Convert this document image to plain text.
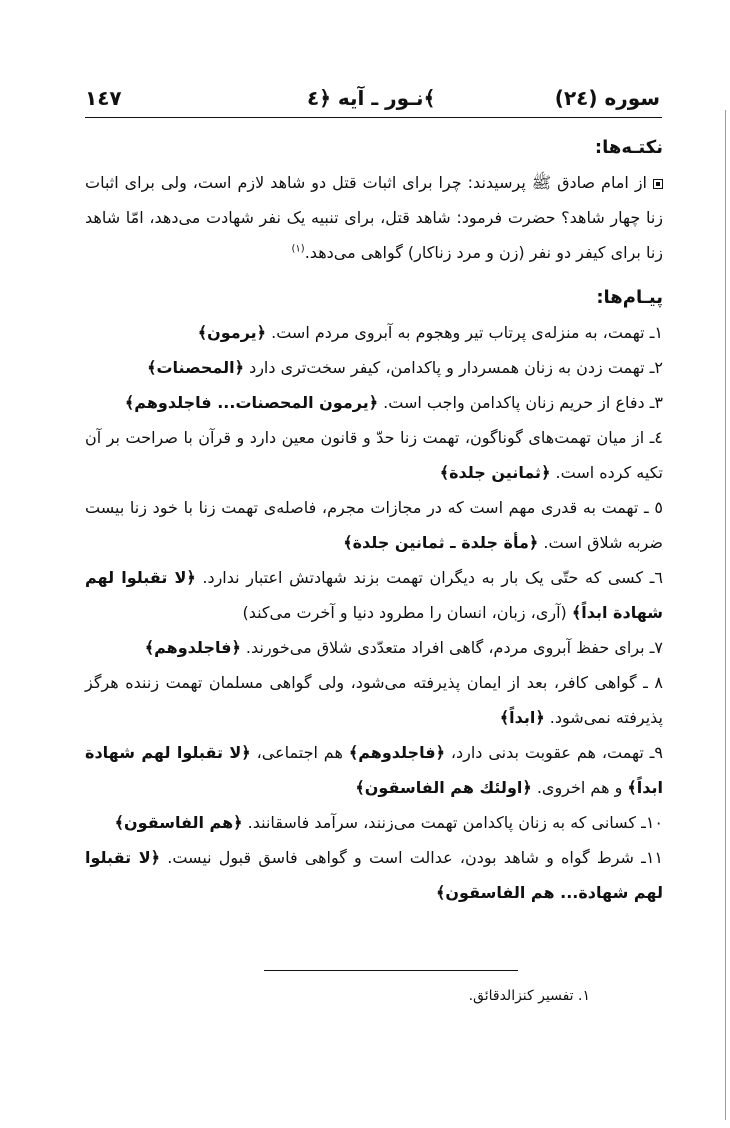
سوره (٢٤)
نـور ـ آیه ﴿٤﴾
١٤٧

نکتـه‌ها:

از امام صادق ﷺ پرسیدند: چرا برای اثبات قتل دو شاهد لازم است، ولی برای اثبات زنا چهار شاهد؟ حضرت فرمود: شاهد قتل، برای تنبیه یک نفر شهادت می‌دهد، امّا شاهد زنا برای کیفر دو نفر (زن و مرد زناکار) گواهی می‌دهد.$^{(١)}$

پیـام‌ها:

١ـ تهمت، به منزله‌ی پرتاب تیر وهجوم به آبروی مردم است. ﴿یرمون﴾

٢ـ تهمت زدن به زنان همسردار و پاکدامن، کیفر سخت‌تری دارد ﴿المحصنات﴾

٣ـ دفاع از حریم زنان پاکدامن واجب است. ﴿یرمون المحصنات... فاجلدوهم﴾

٤ـ از میان تهمت‌های گوناگون، تهمت زنا حدّ و قانون معین دارد و قرآن با صراحت بر آن تکیه کرده است. ﴿ثمانین جلدة﴾

٥ ـ تهمت به قدری مهم است که در مجازات مجرم، فاصله‌ی تهمت زنا با خود زنا بیست ضربه شلاق است. ﴿مأة جلدة ـ ثمانین جلدة﴾

٦ـ کسی که حتّی یک بار به دیگران تهمت بزند شهادتش اعتبار ندارد. ﴿لا تقبلوا لهم شهادة ابداً﴾ (آری، زبان، انسان را مطرود دنیا و آخرت می‌کند)

٧ـ برای حفظ آبروی مردم، گاهی افراد متعدّدی شلاق می‌خورند. ﴿فاجلدوهم﴾

٨ ـ گواهی کافر، بعد از ایمان پذیرفته می‌شود، ولی گواهی مسلمان تهمت زننده هرگز پذیرفته نمی‌شود. ﴿ابداً﴾

٩ـ تهمت، هم عقوبت بدنی دارد، ﴿فاجلدوهم﴾ هم اجتماعی، ﴿لا تقبلوا لهم شهادة ابداً﴾ و هم اخروی. ﴿اولئك هم الفاسقون﴾

١٠ـ کسانی که به زنان پاکدامن تهمت می‌زنند، سرآمد فاسقانند. ﴿هم الفاسقون﴾

١١ـ شرط گواه و شاهد بودن، عدالت است و گواهی فاسق قبول نیست. ﴿لا تقبلوا لهم شهادة... هم الفاسقون﴾

١. تفسیر کنزالدقائق.
